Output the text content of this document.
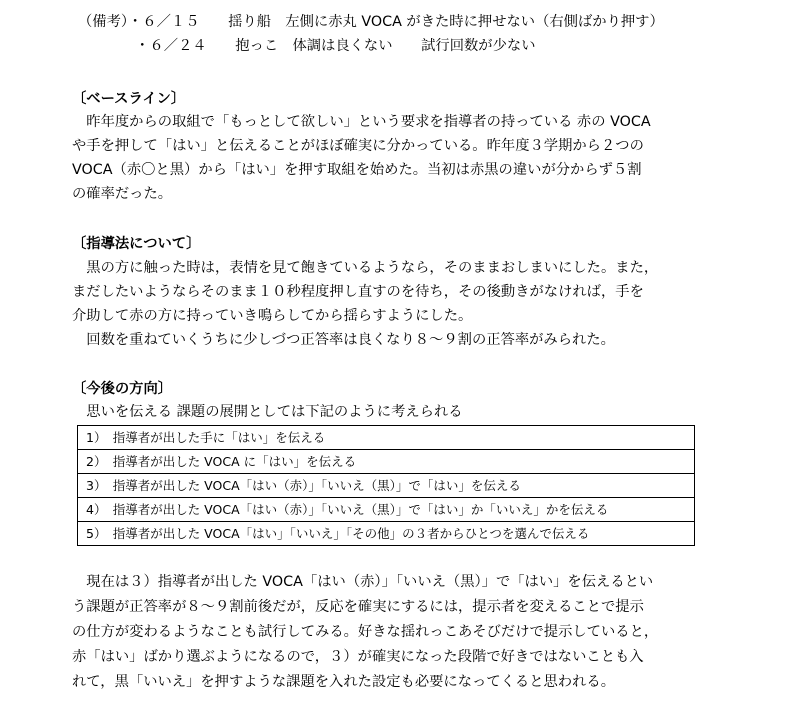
（備考）・６／１５　　揺り船　左側に赤丸 VOCA がきた時に押せない（右側ばかり押す）
　　　　・６／２４　　抱っこ　体調は良くない　　試行回数が少ない
〔ベースライン〕
　昨年度からの取組で「もっとして欲しい」という要求を指導者の持っている 赤の VOCA
や手を押して「はい」と伝えることがほぼ確実に分かっている。昨年度３学期から２つの
VOCA（赤〇と黒）から「はい」を押す取組を始めた。当初は赤黒の違いが分からず５割
の確率だった。
〔指導法について〕
　黒の方に触った時は，表情を見て飽きているようなら，そのままおしまいにした。また，
まだしたいようならそのまま１０秒程度押し直すのを待ち，その後動きがなければ，手を
介助して赤の方に持っていき鳴らしてから揺らすようにした。
　回数を重ねていくうちに少しづつ正答率は良くなり８～９割の正答率がみられた。
〔今後の方向〕
　思いを伝える 課題の展開としては下記のように考えられる
1）　指導者が出した手に「はい」を伝える
2）　指導者が出した VOCA に「はい」を伝える
3）　指導者が出した VOCA「はい（赤）」「いいえ（黒）」で「はい」を伝える
4）　指導者が出した VOCA「はい（赤）」「いいえ（黒）」で「はい」か「いいえ」かを伝える
5）　指導者が出した VOCA「はい」「いいえ」「その他」の３者からひとつを選んで伝える
　現在は３）指導者が出した VOCA「はい（赤）」「いいえ（黒）」で「はい」を伝えるとい
う課題が正答率が８～９割前後だが，反応を確実にするには，提示者を変えることで提示
の仕方が変わるようなことも試行してみる。好きな揺れっこあそびだけで提示していると，
赤「はい」ばかり選ぶようになるので，３）が確実になった段階で好きではないことも入
れて，黒「いいえ」を押すような課題を入れた設定も必要になってくると思われる。
